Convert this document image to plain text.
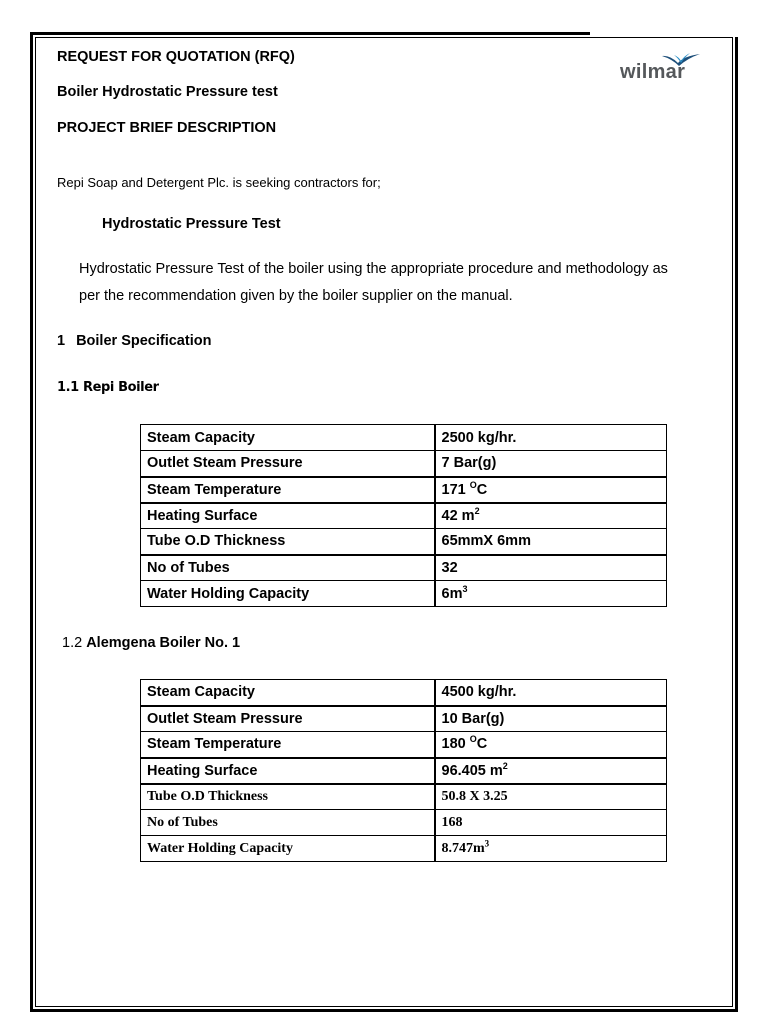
wilmar
REQUEST FOR QUOTATION (RFQ)
Boiler Hydrostatic Pressure test
PROJECT BRIEF DESCRIPTION
Repi Soap and Detergent Plc. is seeking contractors for;
Hydrostatic Pressure Test
Hydrostatic Pressure Test of the boiler using the appropriate procedure and methodology as
per the recommendation given by the boiler supplier on the manual.
1 Boiler Specification
1.1 Repi Boiler
Steam Capacity	2500 kg/hr.
Outlet Steam Pressure	7 Bar(g)
Steam Temperature	171 $^O$C
Heating Surface	42 $m^2$
Tube O.D Thickness	65mmX 6mm
No of Tubes	32
Water Holding Capacity	$6m^3$
1.2 Alemgena Boiler No. 1
Steam Capacity	4500 kg/hr.
Outlet Steam Pressure	10 Bar(g)
Steam Temperature	180 $^O$C
Heating Surface	96.405 $m^2$
Tube O.D Thickness	50.8 X 3.25
No of Tubes	168
Water Holding Capacity	$8.747m^3$
